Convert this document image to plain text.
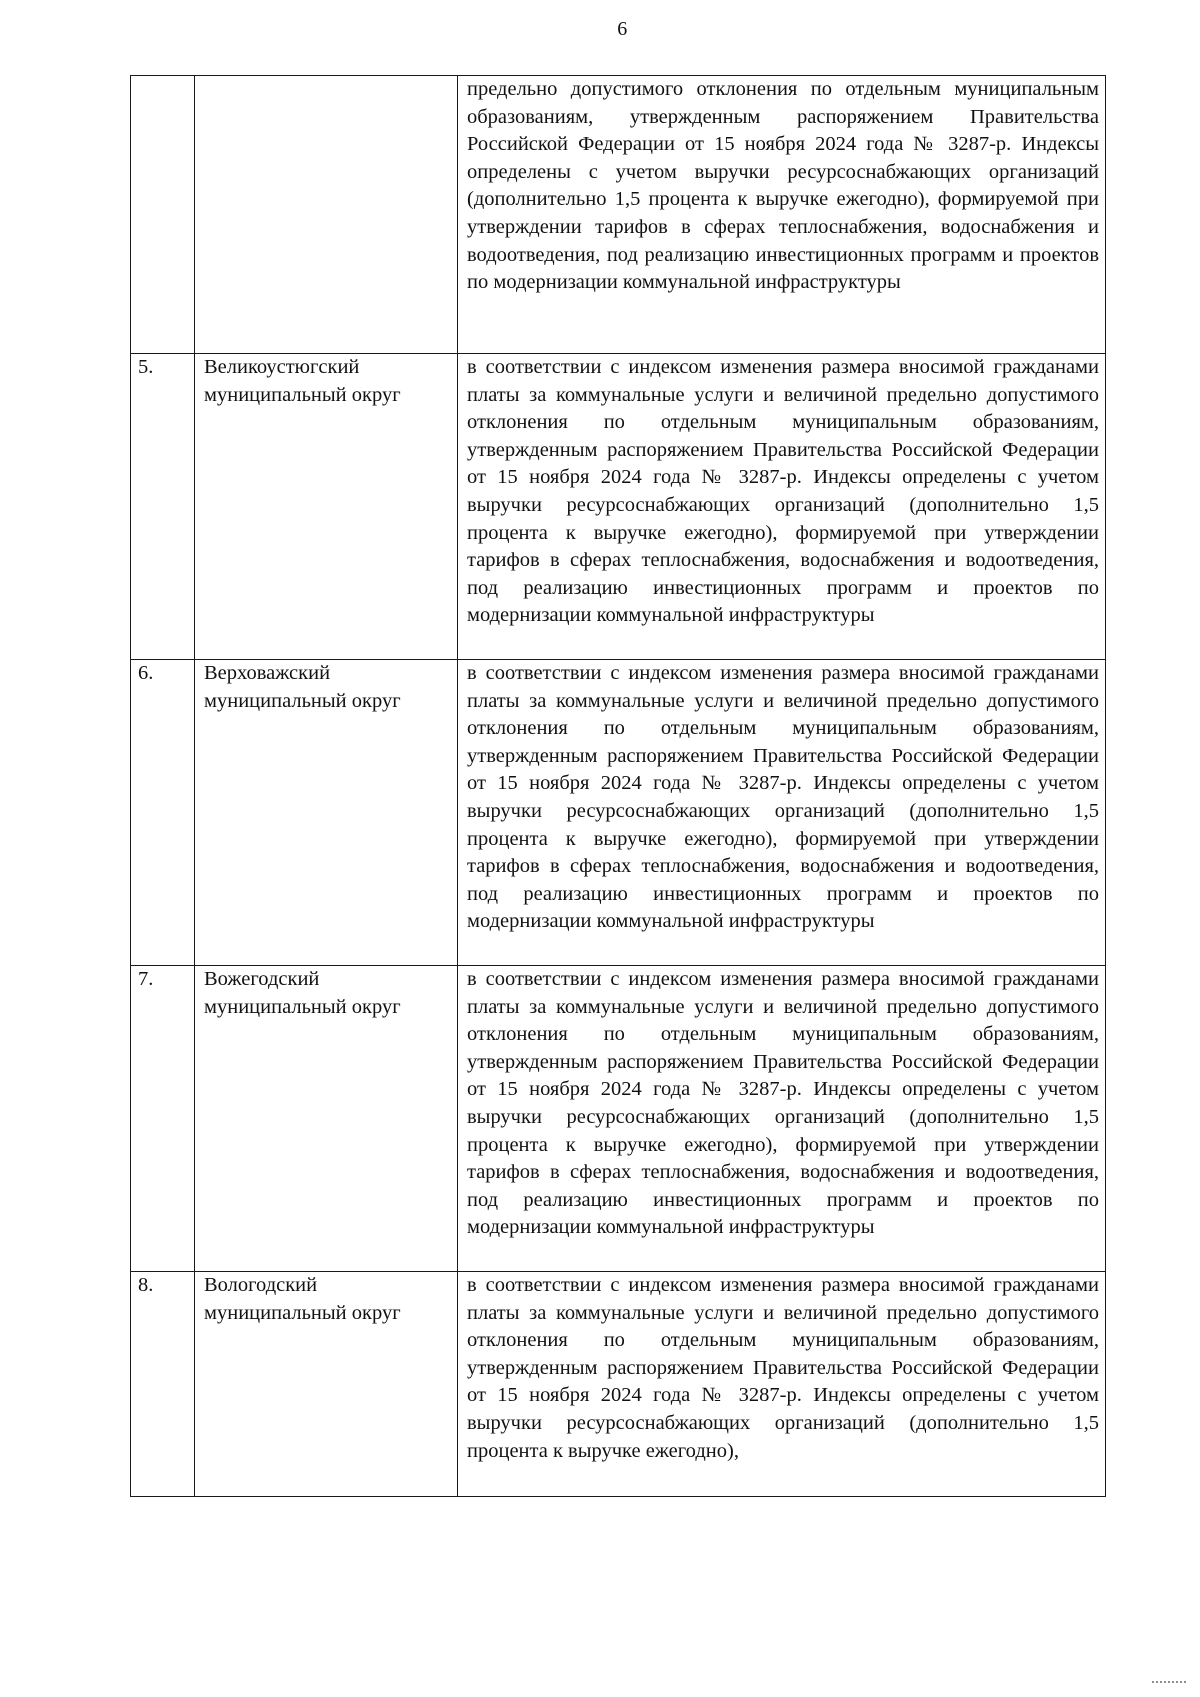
6

		предельно допустимого отклонения по отдельным муниципальным образованиям, утвержденным распоряжением Правительства Российской Федерации от 15 ноября 2024 года № 3287-р. Индексы определены с учетом выручки ресурсоснабжающих организаций (дополнительно 1,5 процента к выручке ежегодно), формируемой при утверждении тарифов в сферах теплоснабжения, водоснабжения и водоотведения, под реализацию инвестиционных программ и проектов по модернизации коммунальной инфраструктуры

5.	Великоустюгский муниципальный округ	в соответствии с индексом изменения размера вносимой гражданами платы за коммунальные услуги и величиной предельно допустимого отклонения по отдельным муниципальным образованиям, утвержденным распоряжением Правительства Российской Федерации от 15 ноября 2024 года № 3287-р. Индексы определены с учетом выручки ресурсоснабжающих организаций (дополнительно 1,5 процента к выручке ежегодно), формируемой при утверждении тарифов в сферах теплоснабжения, водоснабжения и водоотведения, под реализацию инвестиционных программ и проектов по модернизации коммунальной инфраструктуры

6.	Верховажский муниципальный округ	в соответствии с индексом изменения размера вносимой гражданами платы за коммунальные услуги и величиной предельно допустимого отклонения по отдельным муниципальным образованиям, утвержденным распоряжением Правительства Российской Федерации от 15 ноября 2024 года № 3287-р. Индексы определены с учетом выручки ресурсоснабжающих организаций (дополнительно 1,5 процента к выручке ежегодно), формируемой при утверждении тарифов в сферах теплоснабжения, водоснабжения и водоотведения, под реализацию инвестиционных программ и проектов по модернизации коммунальной инфраструктуры

7.	Вожегодский муниципальный округ	в соответствии с индексом изменения размера вносимой гражданами платы за коммунальные услуги и величиной предельно допустимого отклонения по отдельным муниципальным образованиям, утвержденным распоряжением Правительства Российской Федерации от 15 ноября 2024 года № 3287-р. Индексы определены с учетом выручки ресурсоснабжающих организаций (дополнительно 1,5 процента к выручке ежегодно), формируемой при утверждении тарифов в сферах теплоснабжения, водоснабжения и водоотведения, под реализацию инвестиционных программ и проектов по модернизации коммунальной инфраструктуры

8.	Вологодский муниципальный округ	в соответствии с индексом изменения размера вносимой гражданами платы за коммунальные услуги и величиной предельно допустимого отклонения по отдельным муниципальным образованиям, утвержденным распоряжением Правительства Российской Федерации от 15 ноября 2024 года № 3287-р. Индексы определены с учетом выручки ресурсоснабжающих организаций (дополнительно 1,5 процента к выручке ежегодно),
